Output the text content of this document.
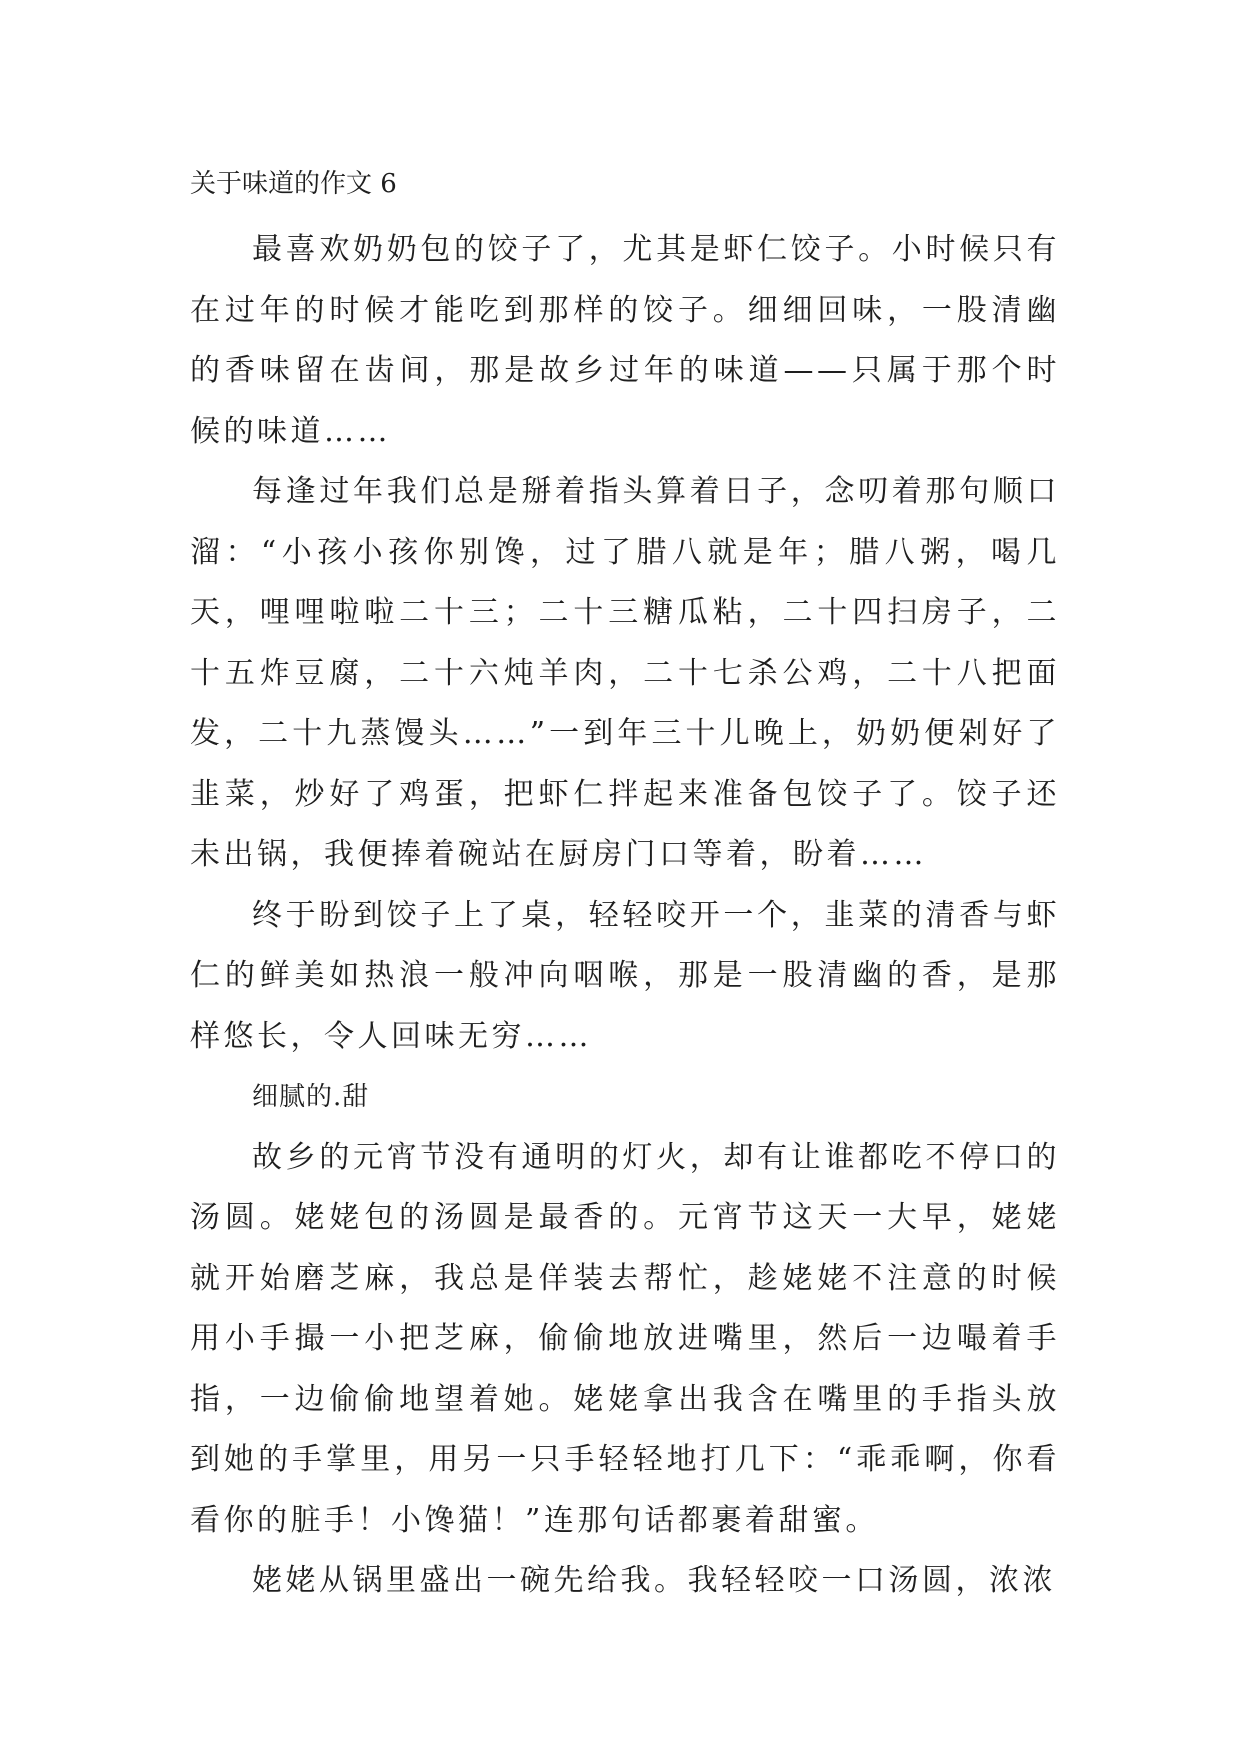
关于味道的作文 6

最喜欢奶奶包的饺子了，尤其是虾仁饺子。小时候只有在过年的时候才能吃到那样的饺子。细细回味，一股清幽的香味留在齿间，那是故乡过年的味道——只属于那个时候的味道……

每逢过年我们总是掰着指头算着日子，念叨着那句顺口溜：“小孩小孩你别馋，过了腊八就是年；腊八粥，喝几天，哩哩啦啦二十三；二十三糖瓜粘，二十四扫房子，二十五炸豆腐，二十六炖羊肉，二十七杀公鸡，二十八把面发，二十九蒸馒头……”一到年三十儿晚上，奶奶便剁好了韭菜，炒好了鸡蛋，把虾仁拌起来准备包饺子了。饺子还未出锅，我便捧着碗站在厨房门口等着，盼着……

终于盼到饺子上了桌，轻轻咬开一个，韭菜的清香与虾仁的鲜美如热浪一般冲向咽喉，那是一股清幽的香，是那样悠长，令人回味无穷……

细腻的.甜

故乡的元宵节没有通明的灯火，却有让谁都吃不停口的汤圆。姥姥包的汤圆是最香的。元宵节这天一大早，姥姥就开始磨芝麻，我总是佯装去帮忙，趁姥姥不注意的时候用小手撮一小把芝麻，偷偷地放进嘴里，然后一边嘬着手指，一边偷偷地望着她。姥姥拿出我含在嘴里的手指头放到她的手掌里，用另一只手轻轻地打几下：“乖乖啊，你看看你的脏手！小馋猫！”连那句话都裹着甜蜜。

姥姥从锅里盛出一碗先给我。我轻轻咬一口汤圆，浓浓
